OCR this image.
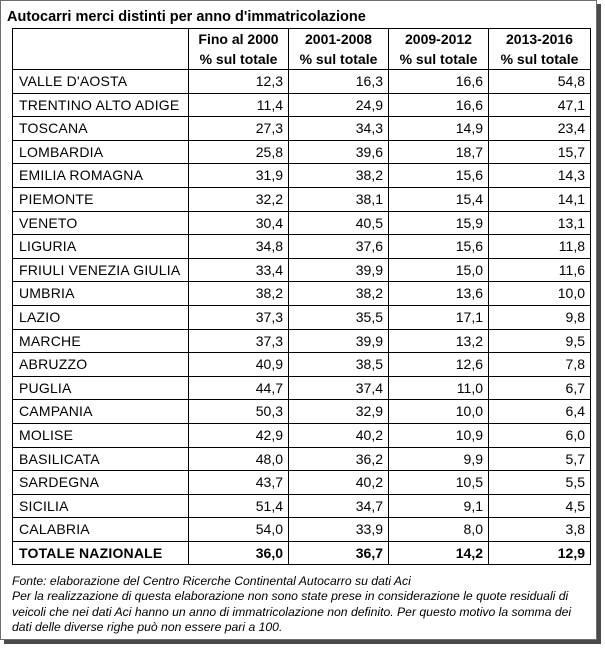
Autocarri merci distinti per anno d'immatricolazione
	Fino al 2000	2001-2008	2009-2012	2013-2016
	% sul totale	% sul totale	% sul totale	% sul totale
VALLE D'AOSTA	12,3	16,3	16,6	54,8
TRENTINO ALTO ADIGE	11,4	24,9	16,6	47,1
TOSCANA	27,3	34,3	14,9	23,4
LOMBARDIA	25,8	39,6	18,7	15,7
EMILIA ROMAGNA	31,9	38,2	15,6	14,3
PIEMONTE	32,2	38,1	15,4	14,1
VENETO	30,4	40,5	15,9	13,1
LIGURIA	34,8	37,6	15,6	11,8
FRIULI VENEZIA GIULIA	33,4	39,9	15,0	11,6
UMBRIA	38,2	38,2	13,6	10,0
LAZIO	37,3	35,5	17,1	9,8
MARCHE	37,3	39,9	13,2	9,5
ABRUZZO	40,9	38,5	12,6	7,8
PUGLIA	44,7	37,4	11,0	6,7
CAMPANIA	50,3	32,9	10,0	6,4
MOLISE	42,9	40,2	10,9	6,0
BASILICATA	48,0	36,2	9,9	5,7
SARDEGNA	43,7	40,2	10,5	5,5
SICILIA	51,4	34,7	9,1	4,5
CALABRIA	54,0	33,9	8,0	3,8
TOTALE NAZIONALE	36,0	36,7	14,2	12,9

Fonte: elaborazione del Centro Ricerche Continental Autocarro su dati Aci

Per la realizzazione di questa elaborazione non sono state prese in considerazione le quote residuali di veicoli che nei dati Aci hanno un anno di immatricolazione non definito. Per questo motivo la somma dei dati delle diverse righe può non essere pari a 100.
